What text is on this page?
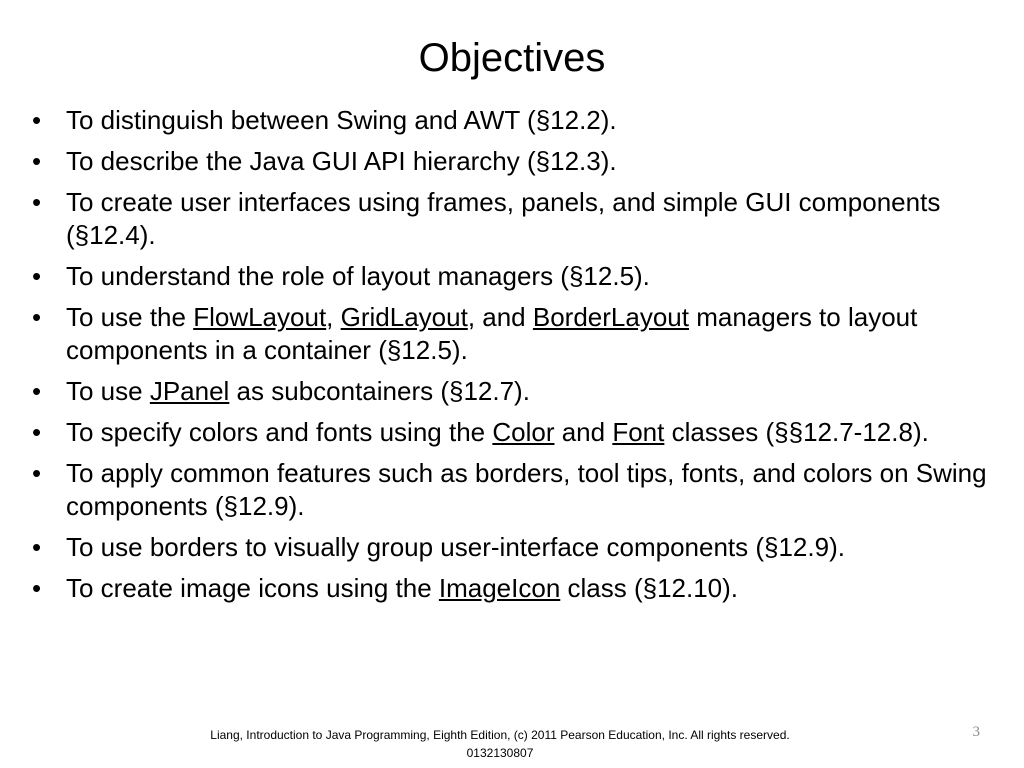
Objectives
• To distinguish between Swing and AWT (§12.2).
• To describe the Java GUI API hierarchy (§12.3).
• To create user interfaces using frames, panels, and simple GUI components (§12.4).
• To understand the role of layout managers (§12.5).
• To use the FlowLayout, GridLayout, and BorderLayout managers to layout components in a container (§12.5).
• To use JPanel as subcontainers (§12.7).
• To specify colors and fonts using the Color and Font classes (§§12.7-12.8).
• To apply common features such as borders, tool tips, fonts, and colors on Swing components (§12.9).
• To use borders to visually group user-interface components (§12.9).
• To create image icons using the ImageIcon class (§12.10).
Liang, Introduction to Java Programming, Eighth Edition, (c) 2011 Pearson Education, Inc. All rights reserved. 0132130807
3
